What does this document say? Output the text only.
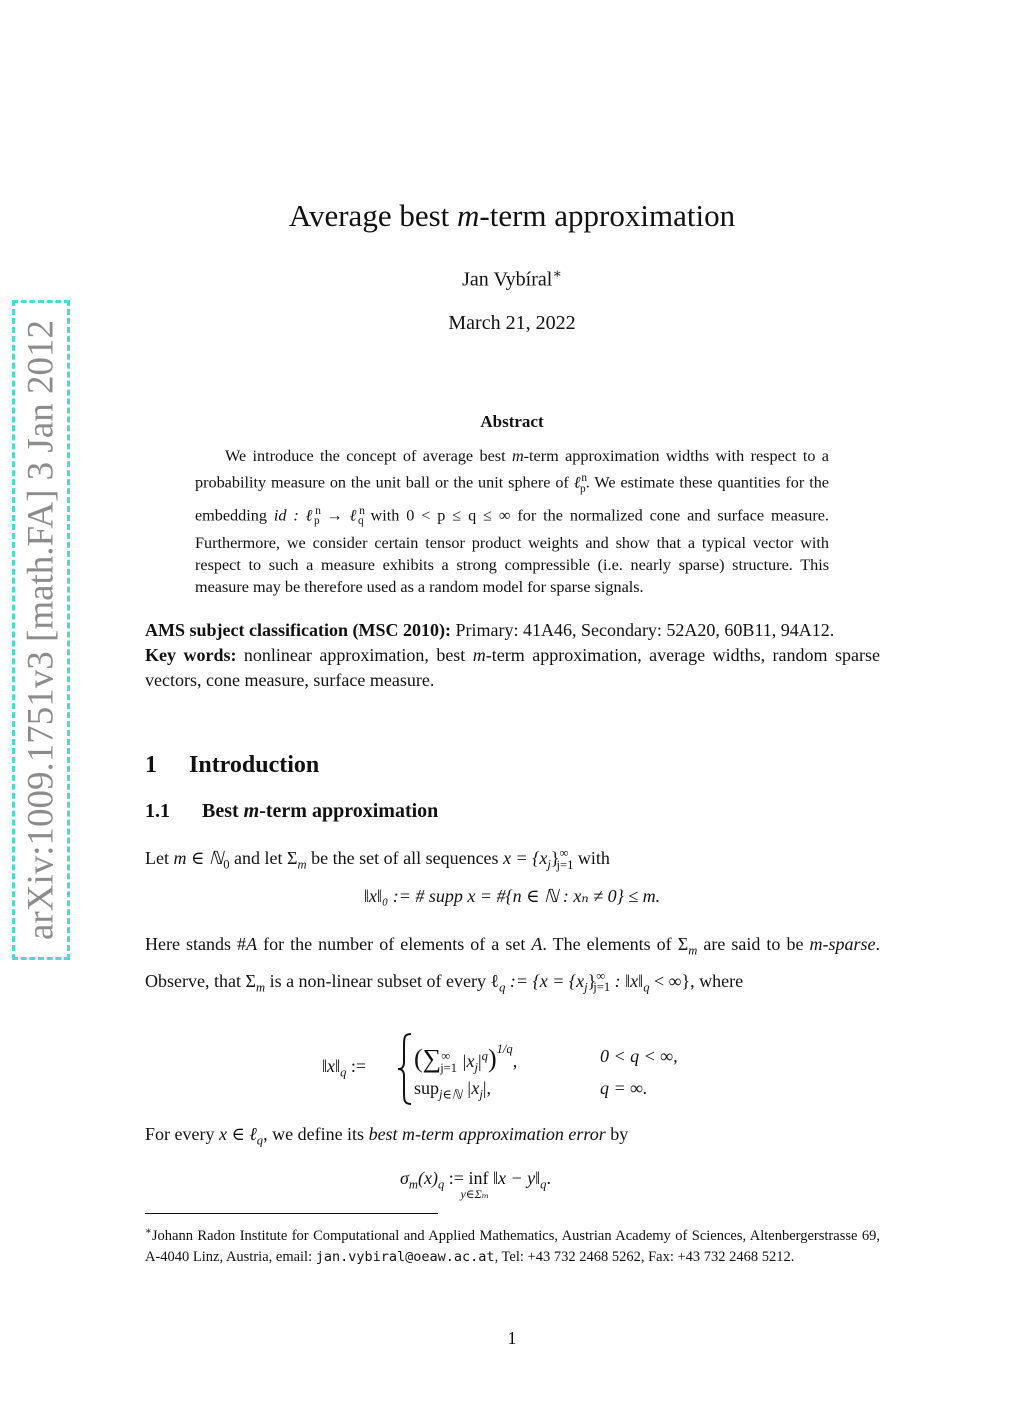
arXiv:1009.1751v3 [math.FA] 3 Jan 2012
Average best m-term approximation
Jan Vybíral∗
March 21, 2022
Abstract

We introduce the concept of average best m-term approximation widths with respect to a probability measure on the unit ball or the unit sphere of ℓ$^n_p$. We estimate these quantities for the embedding id : ℓ$^n_p$ → ℓ$^n_q$ with 0 < p ≤ q ≤ ∞ for the normalized cone and surface measure. Furthermore, we consider certain tensor product weights and show that a typical vector with respect to such a measure exhibits a strong compressible (i.e. nearly sparse) structure. This measure may be therefore used as a random model for sparse signals.

AMS subject classification (MSC 2010): Primary: 41A46, Secondary: 52A20, 60B11, 94A12.

Key words: nonlinear approximation, best m-term approximation, average widths, random sparse vectors, cone measure, surface measure.

1 Introduction
1.1 Best m-term approximation

Let m ∈ ℕ$_0$ and let $\Sigma_m$ be the set of all sequences $x = \{x_j\}^\infty_{j=1}$ with

‖x‖₀ := # supp x = #{n ∈ ℕ : xₙ ≠ 0} ≤ m.

Here stands #A for the number of elements of a set A. The elements of $\Sigma_m$ are said to be m-sparse. Observe, that $\Sigma_m$ is a non-linear subset of every ℓ$_q$ := {$x = \{x_j\}^\infty_{j=1}$ : $‖x‖_q$ < ∞}, where

$‖x‖_q$ := ($\sum^\infty_{j=1}$ $|x_j|^q)^{1/q}$,	0 < q < ∞,
sup$_{j\in ℕ}$ $|x_j|$,	q = ∞.

For every x ∈ ℓ$_q$, we define its best m-term approximation error by

$\sigma_m(x)_q$ := inf
y∈Σₘ
‖x − $y‖_q$.
∗Johann Radon Institute for Computational and Applied Mathematics, Austrian Academy of Sciences, Altenbergerstrasse 69, A-4040 Linz, Austria, email: jan.vybiral@oeaw.ac.at, Tel: +43 732 2468 5262, Fax: +43 732 2468 5212.
1
